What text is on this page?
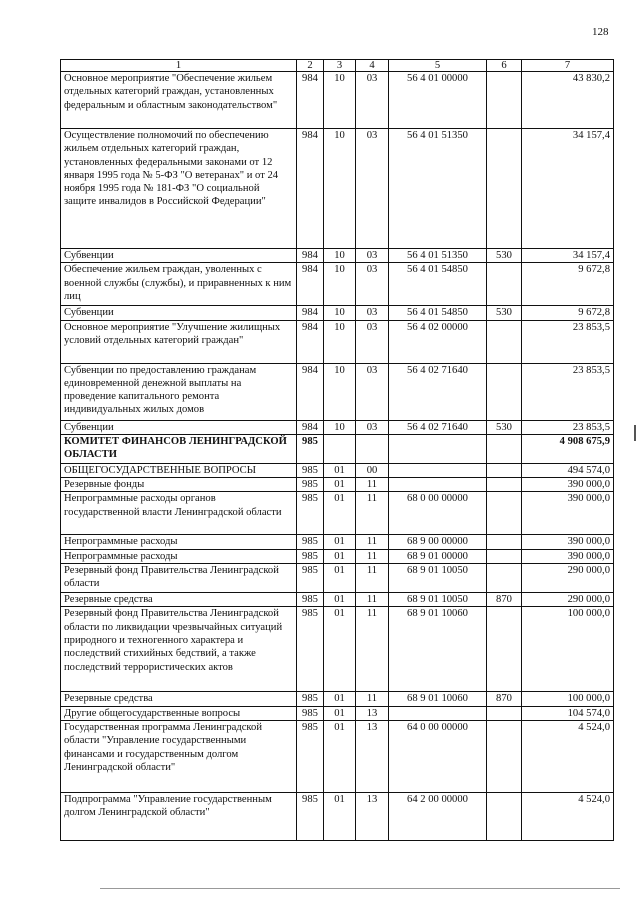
128
1	2	3	4	5	6	7
Основное мероприятие "Обеспечение жильем отдельных категорий граждан, установленных федеральным и областным законодательством"	984	10	03	56 4 01 00000		43 830,2
Осуществление полномочий по обеспечению жильем отдельных категорий граждан, установленных федеральными законами от 12 января 1995 года № 5-ФЗ "О ветеранах" и от 24 ноября 1995 года № 181-ФЗ "О социальной защите инвалидов в Российской Федерации"	984	10	03	56 4 01 51350		34 157,4
Субвенции	984	10	03	56 4 01 51350	530	34 157,4
Обеспечение жильем граждан, уволенных с военной службы (службы), и приравненных к ним лиц	984	10	03	56 4 01 54850		9 672,8
Субвенции	984	10	03	56 4 01 54850	530	9 672,8
Основное мероприятие "Улучшение жилищных условий отдельных категорий граждан"	984	10	03	56 4 02 00000		23 853,5
Субвенции по предоставлению гражданам единовременной денежной выплаты на проведение капитального ремонта индивидуальных жилых домов	984	10	03	56 4 02 71640		23 853,5
Субвенции	984	10	03	56 4 02 71640	530	23 853,5
КОМИТЕТ ФИНАНСОВ ЛЕНИНГРАДСКОЙ ОБЛАСТИ	985					4 908 675,9
ОБЩЕГОСУДАРСТВЕННЫЕ ВОПРОСЫ	985	01	00			494 574,0
Резервные фонды	985	01	11			390 000,0
Непрограммные расходы органов государственной власти Ленинградской области	985	01	11	68 0 00 00000		390 000,0
Непрограммные расходы	985	01	11	68 9 00 00000		390 000,0
Непрограммные расходы	985	01	11	68 9 01 00000		390 000,0
Резервный фонд Правительства Ленинградской области	985	01	11	68 9 01 10050		290 000,0
Резервные средства	985	01	11	68 9 01 10050	870	290 000,0
Резервный фонд Правительства Ленинградской области по ликвидации чрезвычайных ситуаций природного и техногенного характера и последствий стихийных бедствий, а также последствий террористических актов	985	01	11	68 9 01 10060		100 000,0
Резервные средства	985	01	11	68 9 01 10060	870	100 000,0
Другие общегосударственные вопросы	985	01	13			104 574,0
Государственная программа Ленинградской области "Управление государственными финансами и государственным долгом Ленинградской области"	985	01	13	64 0 00 00000		4 524,0
Подпрограмма "Управление государственным долгом Ленинградской области"	985	01	13	64 2 00 00000		4 524,0
